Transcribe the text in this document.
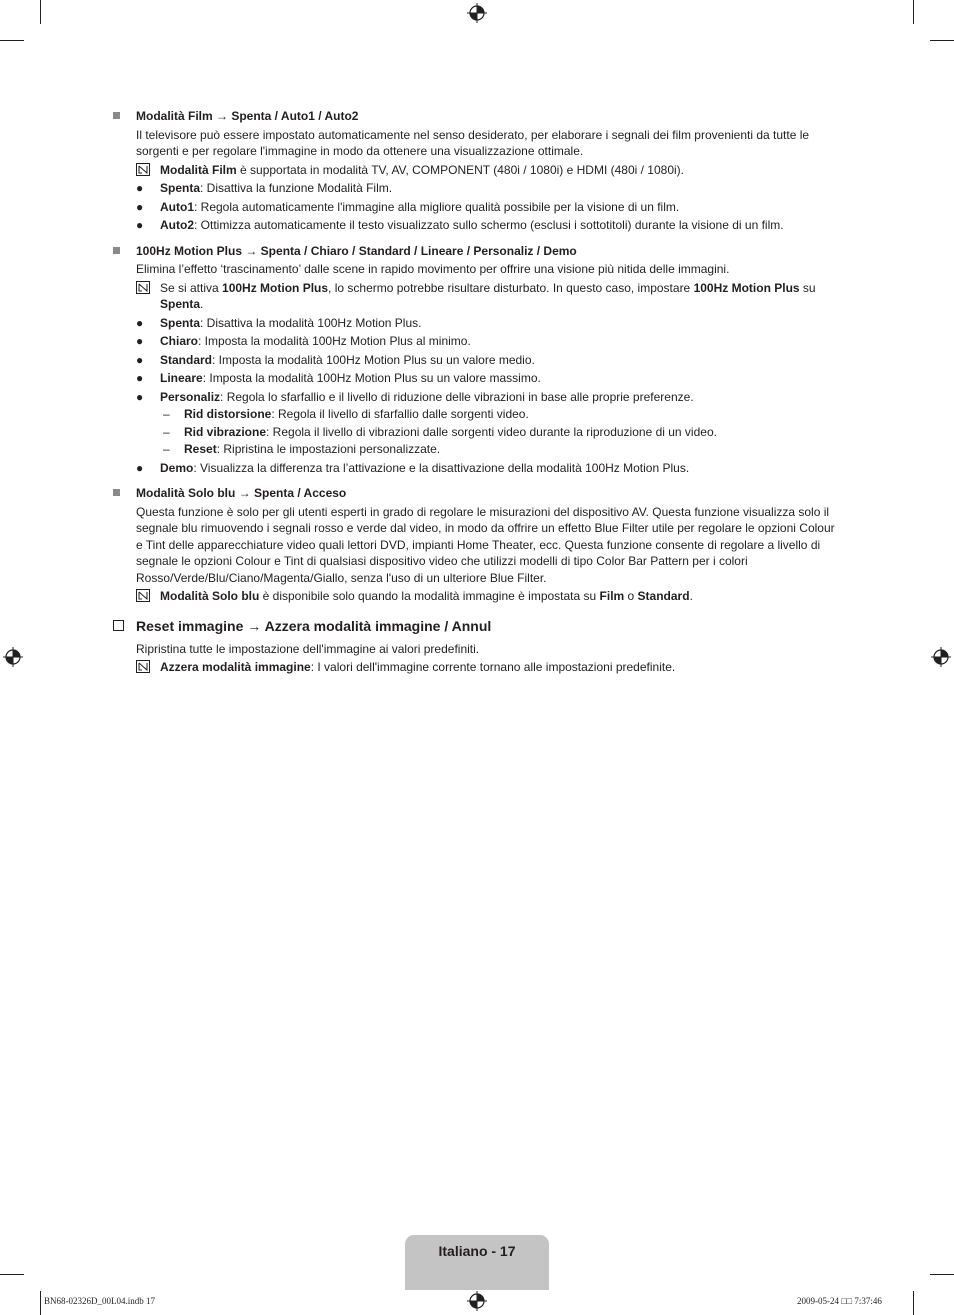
Modalità Film → Spenta / Auto1 / Auto2
Il televisore può essere impostato automaticamente nel senso desiderato, per elaborare i segnali dei film provenienti da tutte le sorgenti e per regolare l'immagine in modo da ottenere una visualizzazione ottimale.
Modalità Film è supportata in modalità TV, AV, COMPONENT (480i / 1080i) e HDMI (480i / 1080i).
●	Spenta: Disattiva la funzione Modalità Film.
●	Auto1: Regola automaticamente l'immagine alla migliore qualità possibile per la visione di un film.
●	Auto2: Ottimizza automaticamente il testo visualizzato sullo schermo (esclusi i sottotitoli) durante la visione di un film.
100Hz Motion Plus → Spenta / Chiaro / Standard / Lineare / Personaliz / Demo
Elimina l’effetto ‘trascinamento’ dalle scene in rapido movimento per offrire una visione più nitida delle immagini.
Se si attiva 100Hz Motion Plus, lo schermo potrebbe risultare disturbato. In questo caso, impostare 100Hz Motion Plus su Spenta.
●	Spenta: Disattiva la modalità 100Hz Motion Plus.
●	Chiaro: Imposta la modalità 100Hz Motion Plus al minimo.
●	Standard: Imposta la modalità 100Hz Motion Plus su un valore medio.
●	Lineare: Imposta la modalità 100Hz Motion Plus su un valore massimo.
●	Personaliz: Regola lo sfarfallio e il livello di riduzione delle vibrazioni in base alle proprie preferenze.
– Rid distorsione: Regola il livello di sfarfallio dalle sorgenti video.
– Rid vibrazione: Regola il livello di vibrazioni dalle sorgenti video durante la riproduzione di un video.
– Reset: Ripristina le impostazioni personalizzate.
●	Demo: Visualizza la differenza tra l’attivazione e la disattivazione della modalità 100Hz Motion Plus.
Modalità Solo blu → Spenta / Acceso
Questa funzione è solo per gli utenti esperti in grado di regolare le misurazioni del dispositivo AV. Questa funzione visualizza solo il segnale blu rimuovendo i segnali rosso e verde dal video, in modo da offrire un effetto Blue Filter utile per regolare le opzioni Colour e Tint delle apparecchiature video quali lettori DVD, impianti Home Theater, ecc. Questa funzione consente di regolare a livello di segnale le opzioni Colour e Tint di qualsiasi dispositivo video che utilizzi modelli di tipo Color Bar Pattern per i colori Rosso/Verde/Blu/Ciano/Magenta/Giallo, senza l'uso di un ulteriore Blue Filter.
Modalità Solo blu è disponibile solo quando la modalità immagine è impostata su Film o Standard.
Reset immagine → Azzera modalità immagine / Annul
Ripristina tutte le impostazione dell'immagine ai valori predefiniti.
Azzera modalità immagine: I valori dell'immagine corrente tornano alle impostazioni predefinite.
Italiano - 17
BN68-02326D_00L04.indb 17	2009-05-24 □□ 7:37:46
